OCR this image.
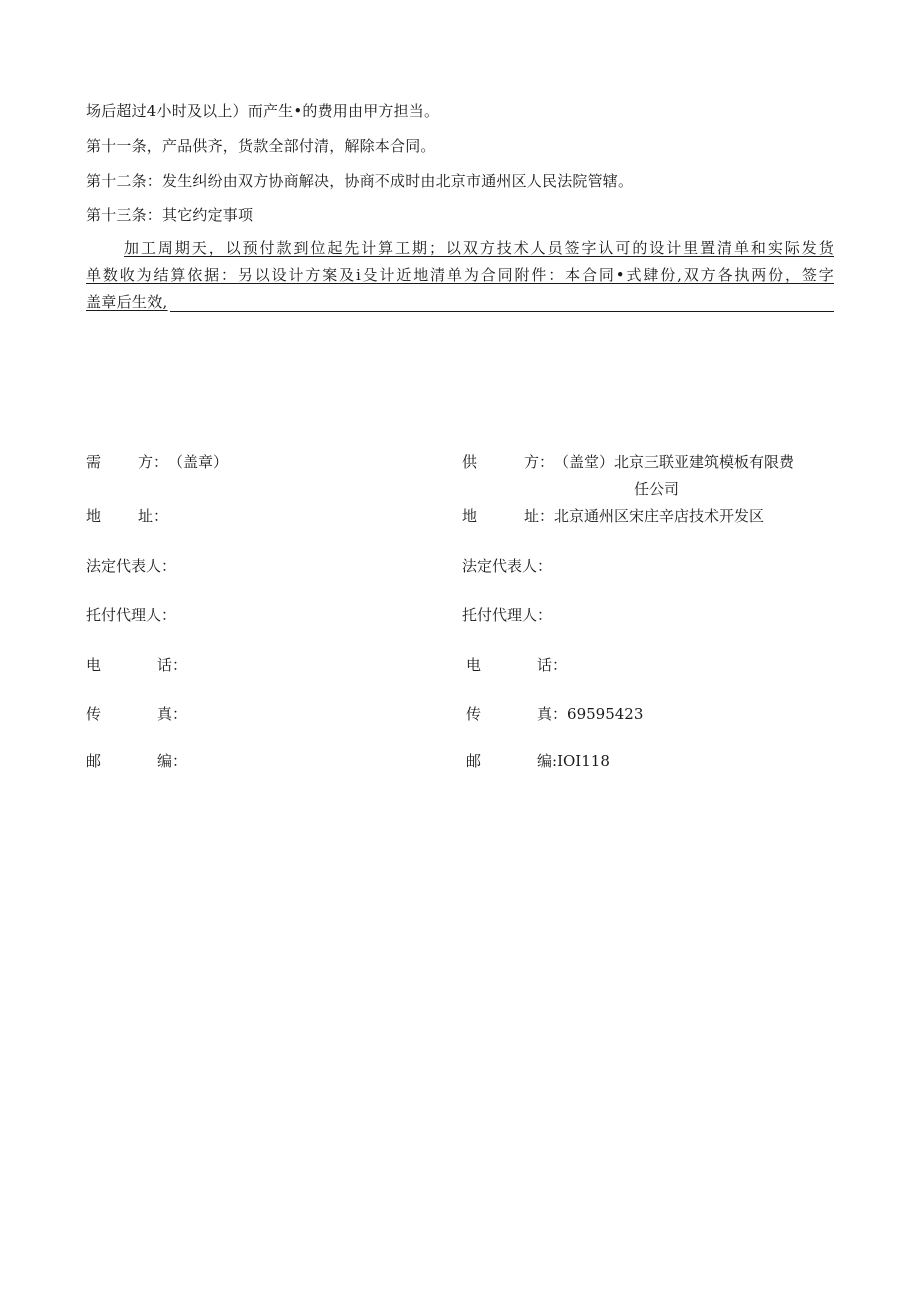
场后超过4小时及以上）而产生•的费用由甲方担当。
第十一条，产品供齐，货款全部付清，解除本合同。
第十二条：发生纠纷由双方协商解决，协商不成时由北京市通州区人民法院管辖。
第十三条：其它约定事项
加工周期天，以预付款到位起先计算工期；以双方技术人员签字认可的设计里置清单和实际发货
单数收为结算依据：另以设计方案及i殳计近地清单为合同附件：本合同•式肆份,双方各执两份，签字
盖章后生效,
需 方：（盖章）
地 址：
法定代表人：
托付代理人：
电	话：
传	真：
邮	编：
供	方：（盖堂）北京三联亚建筑模板有限费
任公司
地	址：北京通州区宋庄辛店技术开发区
法定代表人：
托付代理人：
电	话：
传	真：69595423
邮	编:IOI118
